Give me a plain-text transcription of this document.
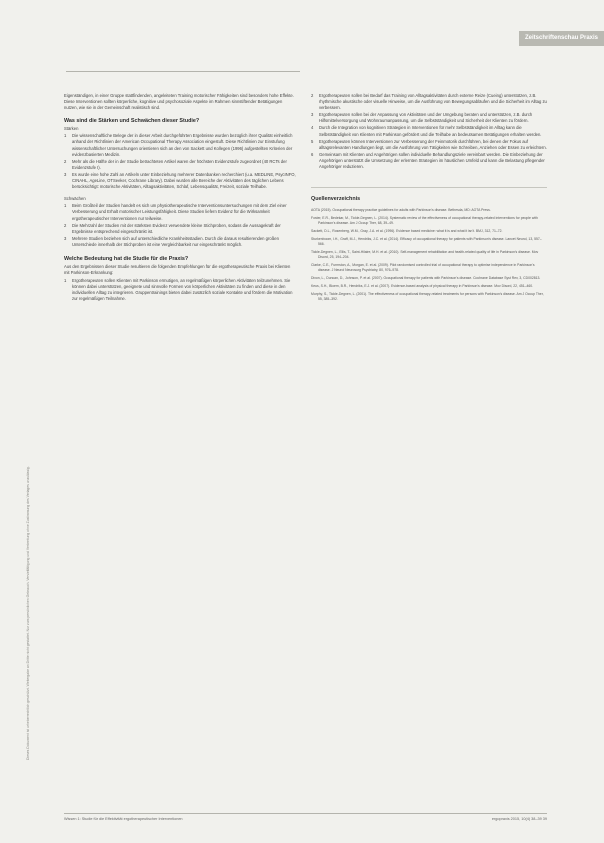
Zeitschriftenschau Praxis
Dieses Dokument ist urheberrechtlich geschützt. Weitergabe an Dritte nicht gestattet. Nur zum persönlichen Gebrauch. Vervielfältigung und Verbreitung ohne Zustimmung des Verlages unzulässig.

Eigenständigen, in einer Gruppe stattfindenden, angeleiteten Training motorischer Fähigkeiten sind besonders hohe Effekte. Diese Interventionen sollten körperliche, kognitive und psychosoziale Aspekte im Rahmen sinnstiftender Betätigungen nutzen, wie sie in der Gemeinschaft realistisch sind.

Was sind die Stärken und Schwächen dieser Studie?
Stärken
1	Die wissenschaftliche Belege der in dieser Arbeit durchgeführten Ergebnisse wurden bezüglich ihrer Qualität einheitlich anhand der Richtlinien der American Occupational Therapy Association eingestuft. Diese Richtlinien zur Einstufung wissenschaftlicher Untersuchungen orientieren sich an den von Sackett und Kollegen (1996) aufgestellten Kriterien der evidenzbasierten Medizin.
2	Mehr als die Hälfte der in der Studie betrachteten Artikel waren der höchsten Evidenzstufe zugeordnet (40 RCTs der Evidenzstufe I).
3	Es wurde eine hohe Zahl an Artikeln unter Einbeziehung mehrerer Datenbanken recherchiert (u.a. MEDLINE, PsycINFO, CINAHL, AgeLine, OTSeeker, Cochrane Library). Dabei wurden alle Bereiche der Aktivitäten des täglichen Lebens berücksichtigt: motorische Aktivitäten, Alltagsaktivitäten, Schlaf, Lebensqualität, Freizeit, soziale Teilhabe.
Schwächen
1	Beim Großteil der Studien handelt es sich um physiotherapeutische Interventionsuntersuchungen mit dem Ziel einer Verbesserung und Erhalt motorischer Leistungsfähigkeit. Diese Studien liefern Evidenz für die Wirksamkeit ergotherapeutischer Interventionen nur teilweise.
2	Die Mehrzahl der Studien mit der stärksten Evidenz verwendete kleine Stichproben, sodass die Aussagekraft der Ergebnisse entsprechend eingeschränkt ist.
3	Mehrere Studien beziehen sich auf unterschiedliche Krankheitsstadien. Durch die daraus resultierenden großen Unterschiede innerhalb der Stichproben ist eine Vergleichbarkeit nur eingeschränkt möglich.
Welche Bedeutung hat die Studie für die Praxis?

Aus den Ergebnissen dieser Studie resultieren die folgenden Empfehlungen für die ergotherapeutische Praxis bei Klienten mit Parkinson-Erkrankung:

1	Ergotherapeuten sollen Klienten mit Parkinson ermutigen, an regelmäßigen körperlichen Aktivitäten teilzunehmen. Sie können dabei unterstützen, geeignete und sinnvolle Formen von körperlichen Aktivitäten zu finden und diese in den individuellen Alltag zu integrieren. Gruppentrainings bieten dabei zusätzlich soziale Kontakte und fördern die Motivation zur regelmäßigen Teilnahme.
2	Ergotherapeuten sollen bei Bedarf das Training von Alltagsaktivitäten durch externe Reize (Cueing) unterstützen, z.B. rhythmische akustische oder visuelle Hinweise, um die Ausführung von Bewegungsabläufen und die Sicherheit im Alltag zu verbessern.
3	Ergotherapeuten sollen bei der Anpassung von Aktivitäten und der Umgebung beraten und unterstützen, z.B. durch Hilfsmittelversorgung und Wohnraumanpassung, um die Selbstständigkeit und Sicherheit der Klienten zu fördern.
4	Durch die Integration von kognitiven Strategien in Interventionen für mehr Selbstständigkeit im Alltag kann die Selbstständigkeit von Klienten mit Parkinson gefördert und die Teilhabe an bedeutsamen Betätigungen erhalten werden.
5	Ergotherapeuten können Interventionen zur Verbesserung der Feinmotorik durchführen, bei denen der Fokus auf alltagsrelevanten Handlungen liegt, um die Ausführung von Tätigkeiten wie Schreiben, Anziehen oder Essen zu erleichtern.
6	Gemeinsam mit Klienten und Angehörigen sollen individuelle Behandlungsziele vereinbart werden. Die Einbeziehung der Angehörigen unterstützt die Umsetzung der erlernten Strategien im häuslichen Umfeld und kann die Belastung pflegender Angehöriger reduzieren.
Quellenverzeichnis

AOTA (2015). Occupational therapy practice guidelines for adults with Parkinson's disease. Bethesda, MD: AOTA Press.

Foster, E.R., Bedekar, M., Tickle-Degnen, L. (2014). Systematic review of the effectiveness of occupational therapy-related interventions for people with Parkinson's disease. Am J Occup Ther, 68, 39–49.

Sackett, D.L., Rosenberg, W.M., Gray, J.A. et al. (1996). Evidence based medicine: what it is and what it isn't. BMJ, 312, 71–72.

Sturkenboom, I.H., Graff, M.J., Hendriks, J.C. et al. (2014). Efficacy of occupational therapy for patients with Parkinson's disease. Lancet Neurol, 13, 557–566.

Tickle-Degnen, L., Ellis, T., Saint-Hilaire, M.H. et al. (2010). Self-management rehabilitation and health-related quality of life in Parkinson's disease. Mov Disord, 25, 194–204.

Clarke, C.E., Furmston, A., Morgan, E. et al. (2009). Pilot randomised controlled trial of occupational therapy to optimise independence in Parkinson's disease. J Neurol Neurosurg Psychiatry, 80, 976–978.

Dixon, L., Duncan, D., Johnson, P. et al. (2007). Occupational therapy for patients with Parkinson's disease. Cochrane Database Syst Rev, 3, CD002813.

Keus, S.H., Bloem, B.R., Hendriks, E.J. et al. (2007). Evidence-based analysis of physical therapy in Parkinson's disease. Mov Disord, 22, 451–460.

Murphy, S., Tickle-Degnen, L. (2001). The effectiveness of occupational therapy-related treatments for persons with Parkinson's disease. Am J Occup Ther, 55, 385–392.

Wissen 1: Studie für die Effektivität ergotherapeutischer Interventionen	ergopraxis 2015, 10(4) 38–39 39
